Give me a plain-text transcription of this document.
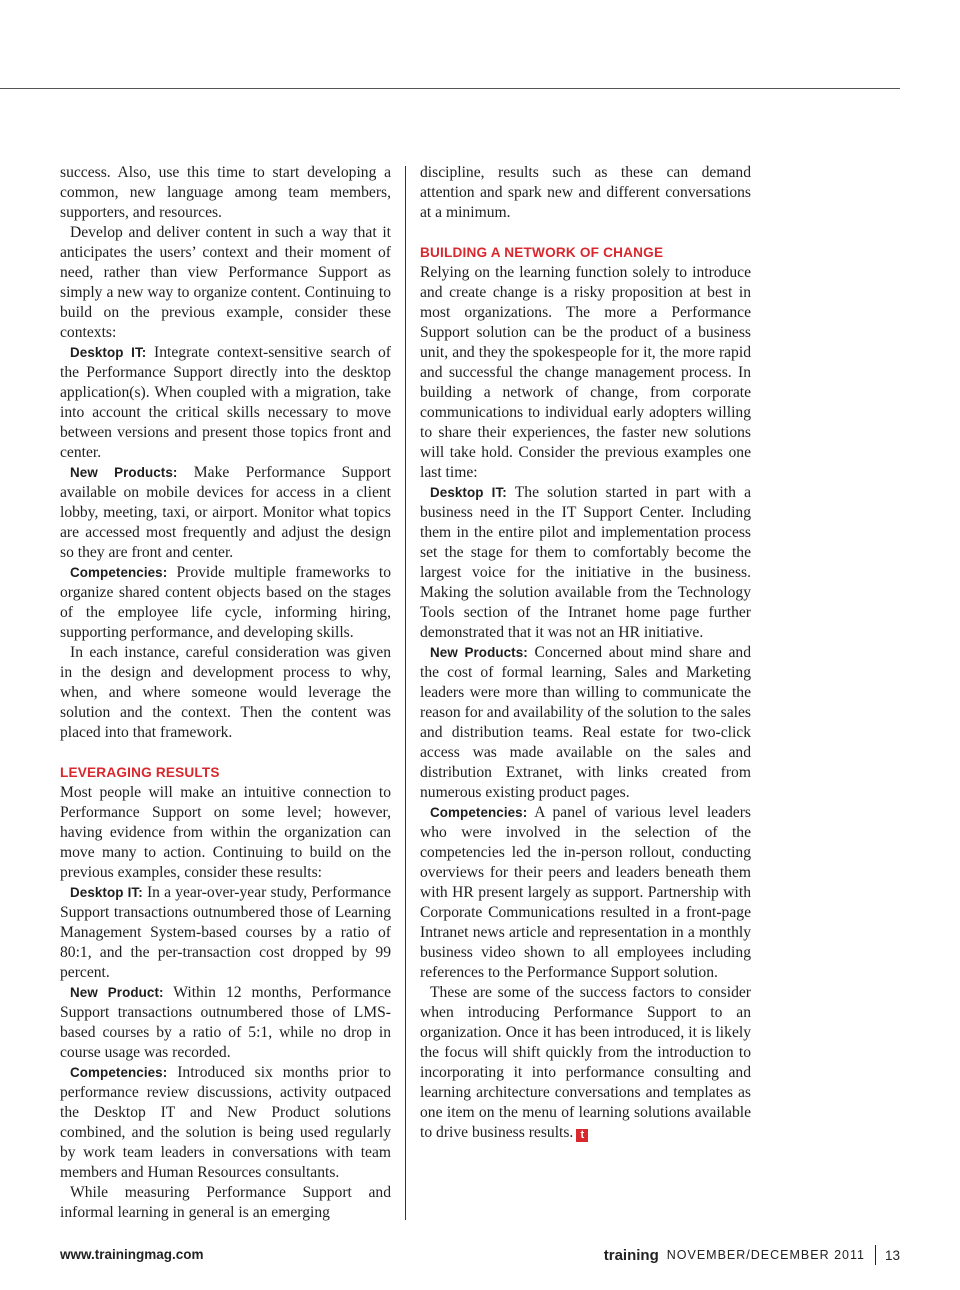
success. Also, use this time to start developing a common, new language among team members, supporters, and resources.

Develop and deliver content in such a way that it anticipates the users’ context and their moment of need, rather than view Performance Support as simply a new way to organize content. Continuing to build on the previous example, consider these contexts:

Desktop IT: Integrate context-sensitive search of the Performance Support directly into the desktop application(s). When coupled with a migration, take into account the critical skills necessary to move between versions and present those topics front and center.

New Products: Make Performance Support available on mobile devices for access in a client lobby, meeting, taxi, or airport. Monitor what topics are accessed most frequently and adjust the design so they are front and center.

Competencies: Provide multiple frameworks to organize shared content objects based on the stages of the employee life cycle, informing hiring, supporting performance, and developing skills.

In each instance, careful consideration was given in the design and development process to why, when, and where someone would leverage the solution and the context. Then the content was placed into that framework.

LEVERAGING RESULTS

Most people will make an intuitive connection to Performance Support on some level; however, having evidence from within the organization can move many to action. Continuing to build on the previous examples, consider these results:

Desktop IT: In a year-over-year study, Performance Support transactions outnumbered those of Learning Management System-based courses by a ratio of 80:1, and the per-transaction cost dropped by 99 percent.

New Product: Within 12 months, Performance Support transactions outnumbered those of LMS-based courses by a ratio of 5:1, while no drop in course usage was recorded.

Competencies: Introduced six months prior to performance review discussions, activity outpaced the Desktop IT and New Product solutions combined, and the solution is being used regularly by work team leaders in conversations with team members and Human Resources consultants.

While measuring Performance Support and informal learning in general is an emerging

discipline, results such as these can demand attention and spark new and different conversations at a minimum.

BUILDING A NETWORK OF CHANGE

Relying on the learning function solely to introduce and create change is a risky proposition at best in most organizations. The more a Performance Support solution can be the product of a business unit, and they the spokespeople for it, the more rapid and successful the change management process. In building a network of change, from corporate communications to individual early adopters willing to share their experiences, the faster new solutions will take hold. Consider the previous examples one last time:

Desktop IT: The solution started in part with a business need in the IT Support Center. Including them in the entire pilot and implementation process set the stage for them to comfortably become the largest voice for the initiative in the business. Making the solution available from the Technology Tools section of the Intranet home page further demonstrated that it was not an HR initiative.

New Products: Concerned about mind share and the cost of formal learning, Sales and Marketing leaders were more than willing to communicate the reason for and availability of the solution to the sales and distribution teams. Real estate for two-click access was made available on the sales and distribution Extranet, with links created from numerous existing product pages.

Competencies: A panel of various level leaders who were involved in the selection of the competencies led the in-person rollout, conducting overviews for their peers and leaders beneath them with HR present largely as support. Partnership with Corporate Communications resulted in a front-page Intranet news article and representation in a monthly business video shown to all employees including references to the Performance Support solution.

These are some of the success factors to consider when introducing Performance Support to an organization. Once it has been introduced, it is likely the focus will shift quickly from the introduction to incorporating it into performance consulting and learning architecture conversations and templates as one item on the menu of learning solutions available to drive business results. t

www.trainingmag.com	training NOVEMBER/DECEMBER 2011 13
